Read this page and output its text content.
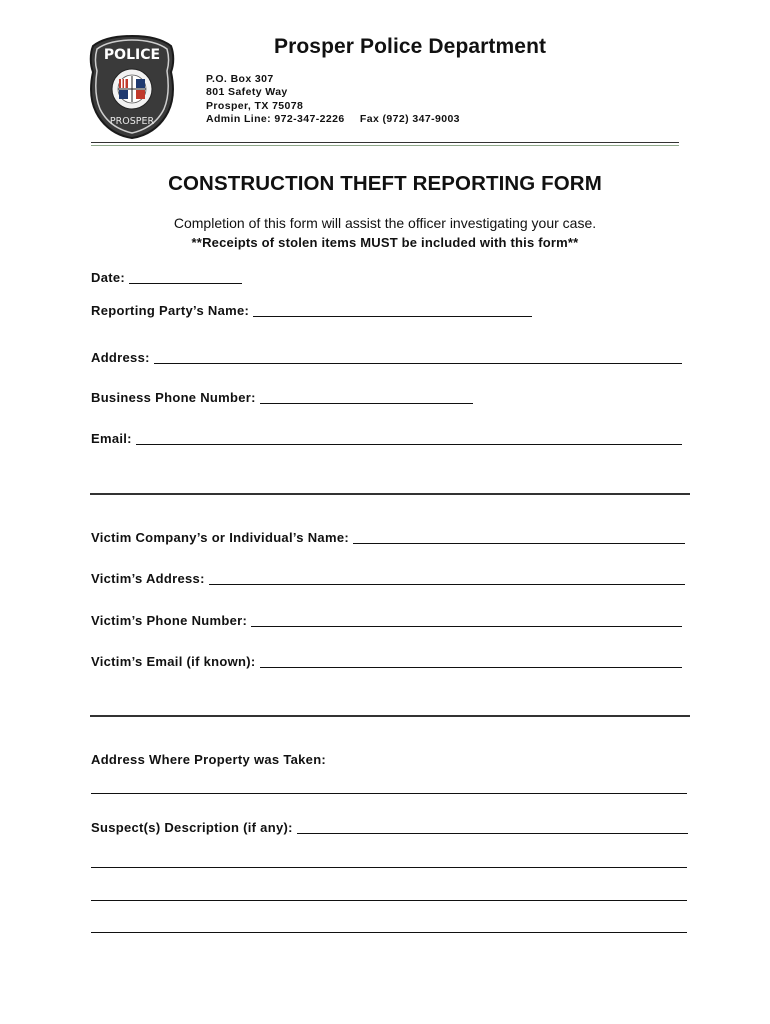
POLICE
PROSPER
Prosper Police Department
P.O. Box 307
801 Safety Way
Prosper, TX 75078
Admin Line: 972-347-2226 Fax (972) 347-9003
CONSTRUCTION THEFT REPORTING FORM
Completion of this form will assist the officer investigating your case.
**Receipts of stolen items MUST be included with this form**
Date:
Reporting Party’s Name:
Address:
Business Phone Number:
Email:
Victim Company’s or Individual’s Name:
Victim’s Address:
Victim’s Phone Number:
Victim’s Email (if known):
Address Where Property was Taken:
Suspect(s) Description (if any):
